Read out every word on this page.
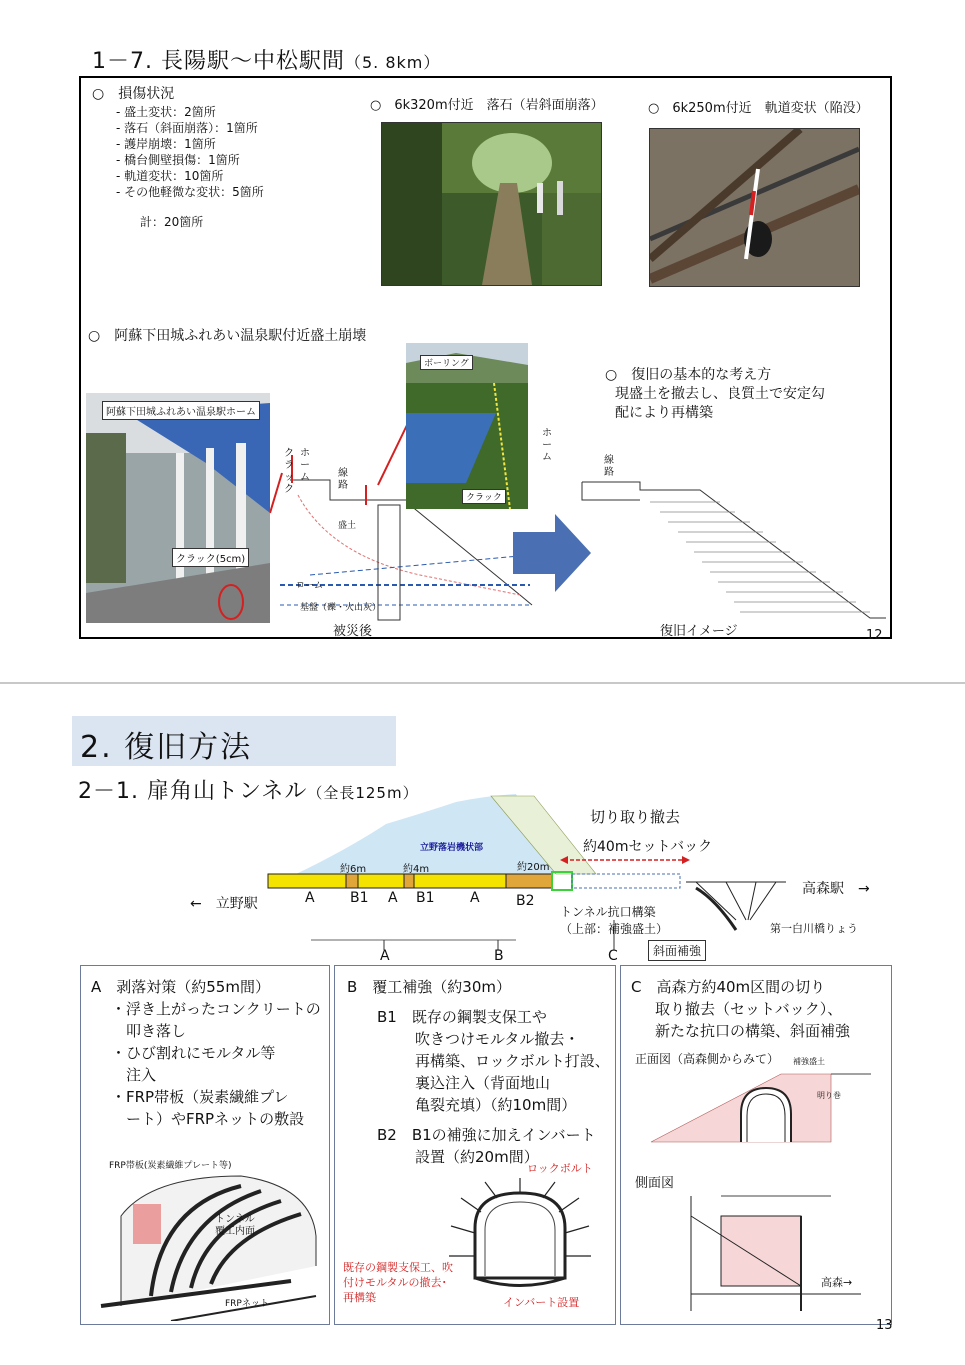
1－7. 長陽駅～中松駅間（5. 8km）
○　損傷状況
- 盛土変状：2箇所
- 落石（斜面崩落）：1箇所
- 護岸崩壊：1箇所
- 橋台側壁損傷：1箇所
- 軌道変状：10箇所
- その他軽微な変状：5箇所
計：20箇所
○　6k320m付近　落石（岩斜面崩落）	○　6k250m付近　軌道変状（陥没）
○　阿蘇下田城ふれあい温泉駅付近盛土崩壊
阿蘇下田城ふれあい温泉駅ホーム
クラック(5cm)
クラック
ホーム	線路
盛土
ローム
基盤（礫・火山灰）
被災後
ボーリング
クラック
○　復旧の基本的な考え方
現盛土を撤去し、良質土で安定勾配により再構築
ホーム	線路
復旧イメージ	12
2. 復旧方法
2－1. 扉角山トンネル（全長125m）
立野落岩機状部
約6m	約4m	約20m
切り取り撤去
約40mセットバック
←　立野駅
高森駅　→
A	B1 A B1	A	B2
A	B	C
トンネル抗口構築
（上部：補強盛土）
斜面補強
第一白川橋りょう
A　剥落対策（約55m間）
・浮き上がったコンクリートの
　叩き落し
・ひび割れにモルタル等
　注入
・FRP帯板（炭素繊維プレ
　ート）やFRPネットの敷設
FRP帯板(炭素繊維プレート等)
トンネル覆工内面
FRPネット
B　覆工補強（約30m）
B1　既存の鋼製支保工や
吹きつけモルタル撤去・
再構築、ロックボルト打設、
裏込注入（背面地山
亀裂充填）（約10m間）
B2　B1の補強に加えインバート
設置（約20m間）
ロックボルト
既存の鋼製支保工、吹付けモルタルの撤去･再構築	インバート設置
C　高森方約40m区間の切り
取り撤去（セットバック）、
新たな抗口の構築、斜面補強
正面図（高森側からみて） 補強盛土
明り巻
側面図
高森→
13
